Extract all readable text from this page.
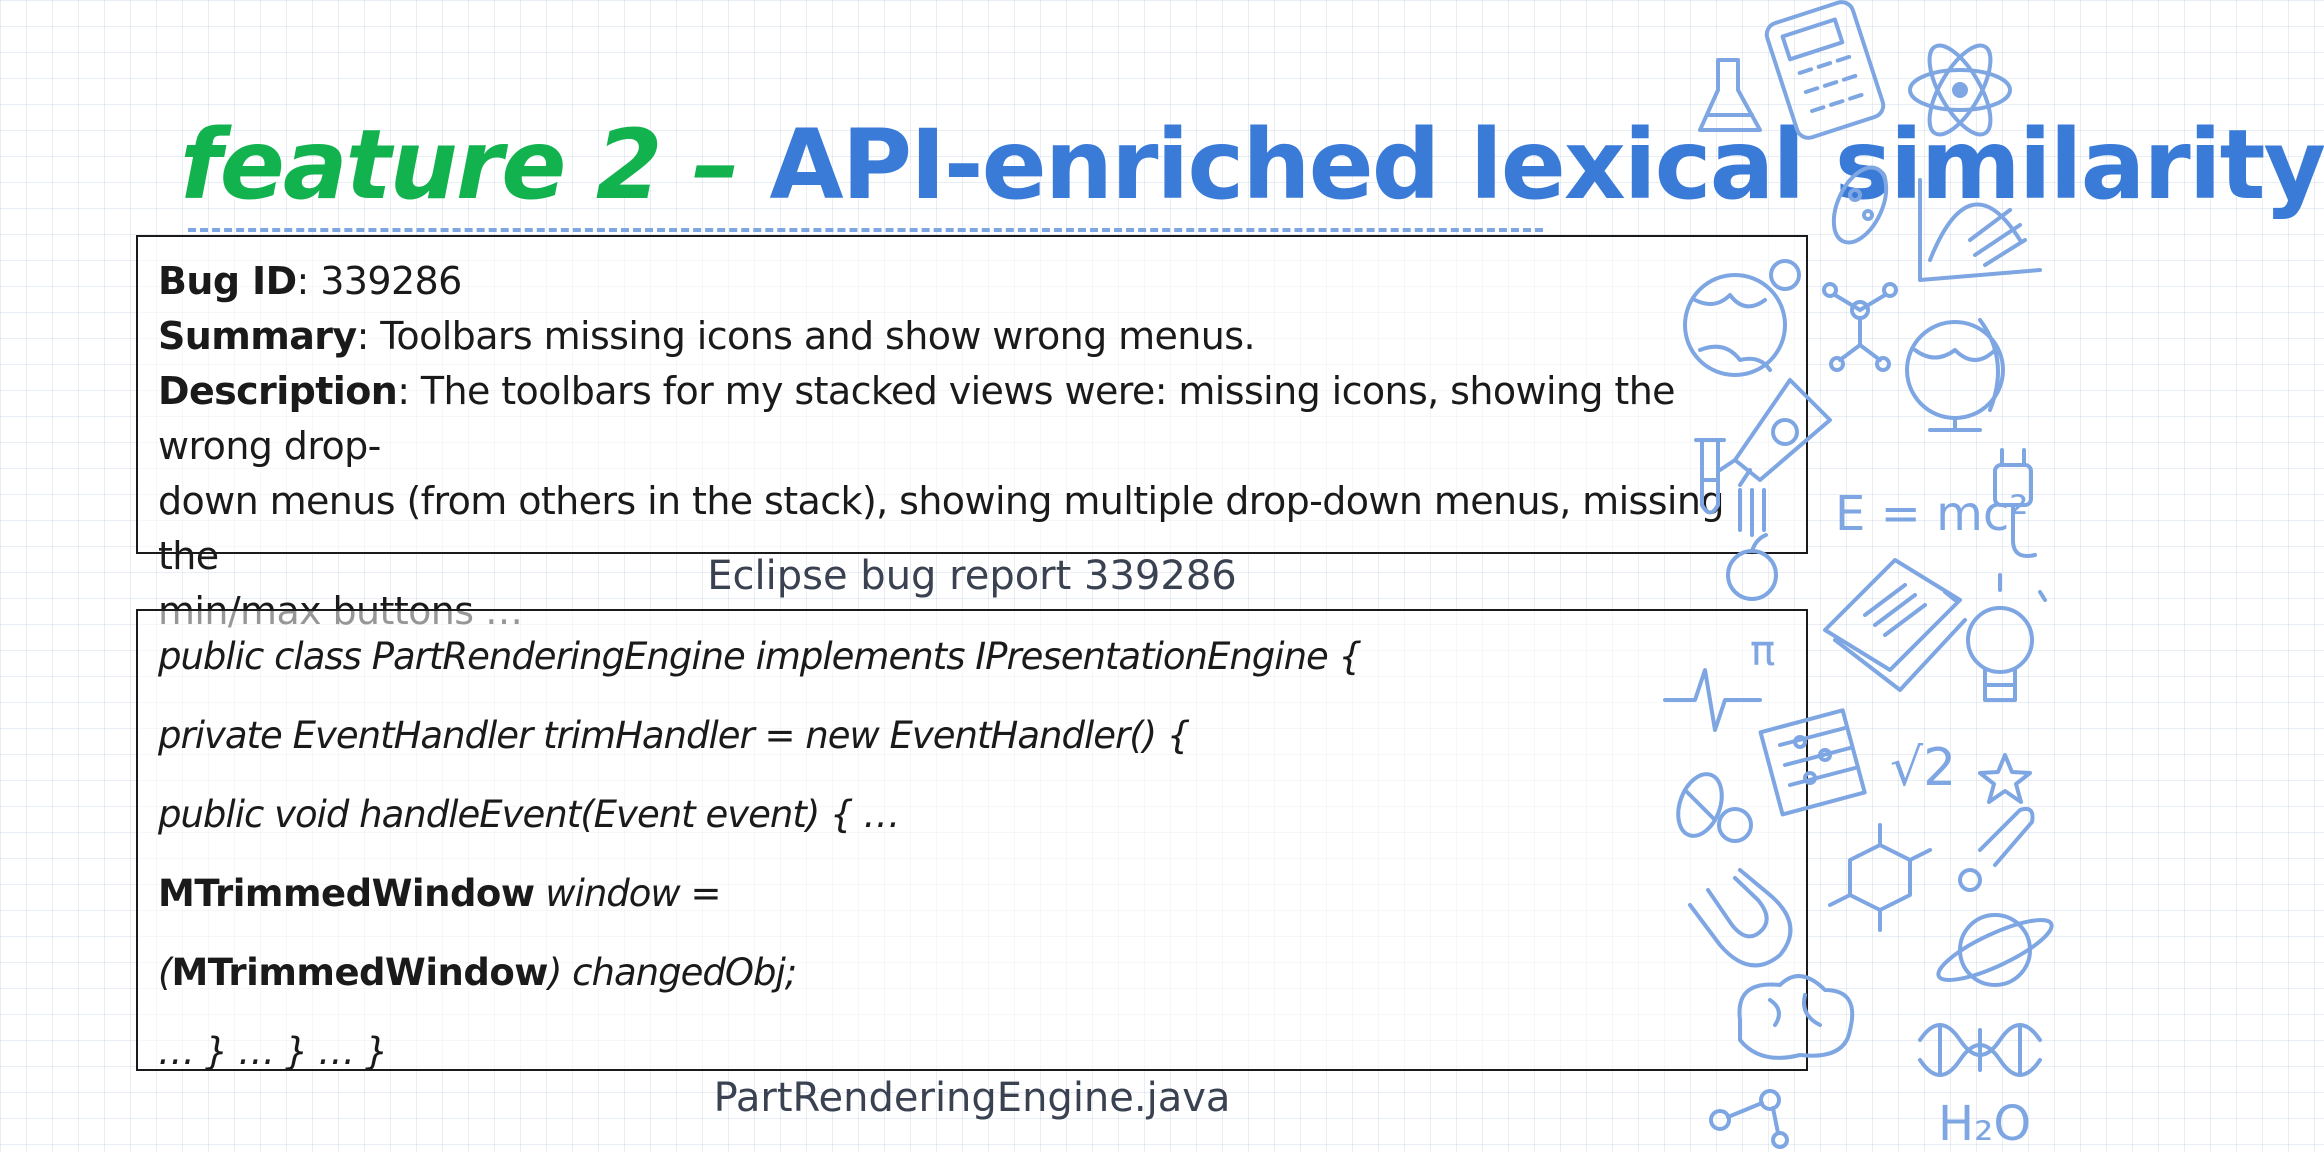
feature 2 – API-enriched lexical similarity
Bug ID: 339286
Summary: Toolbars missing icons and show wrong menus.
Description: The toolbars for my stacked views were: missing icons, showing the wrong drop-
down menus (from others in the stack), showing multiple drop-down menus, missing the	Eclipse bug report 339286
public class PartRenderingEngine implements IPresentationEngine {
private EventHandler trimHandler = new EventHandler() {
public void handleEvent(Event event) { …
MTrimmedWindow window =
(MTrimmedWindow) changedObj;
… } … } … }
PartRenderingEngine.java
E = mc²
√2
π
H₂O
